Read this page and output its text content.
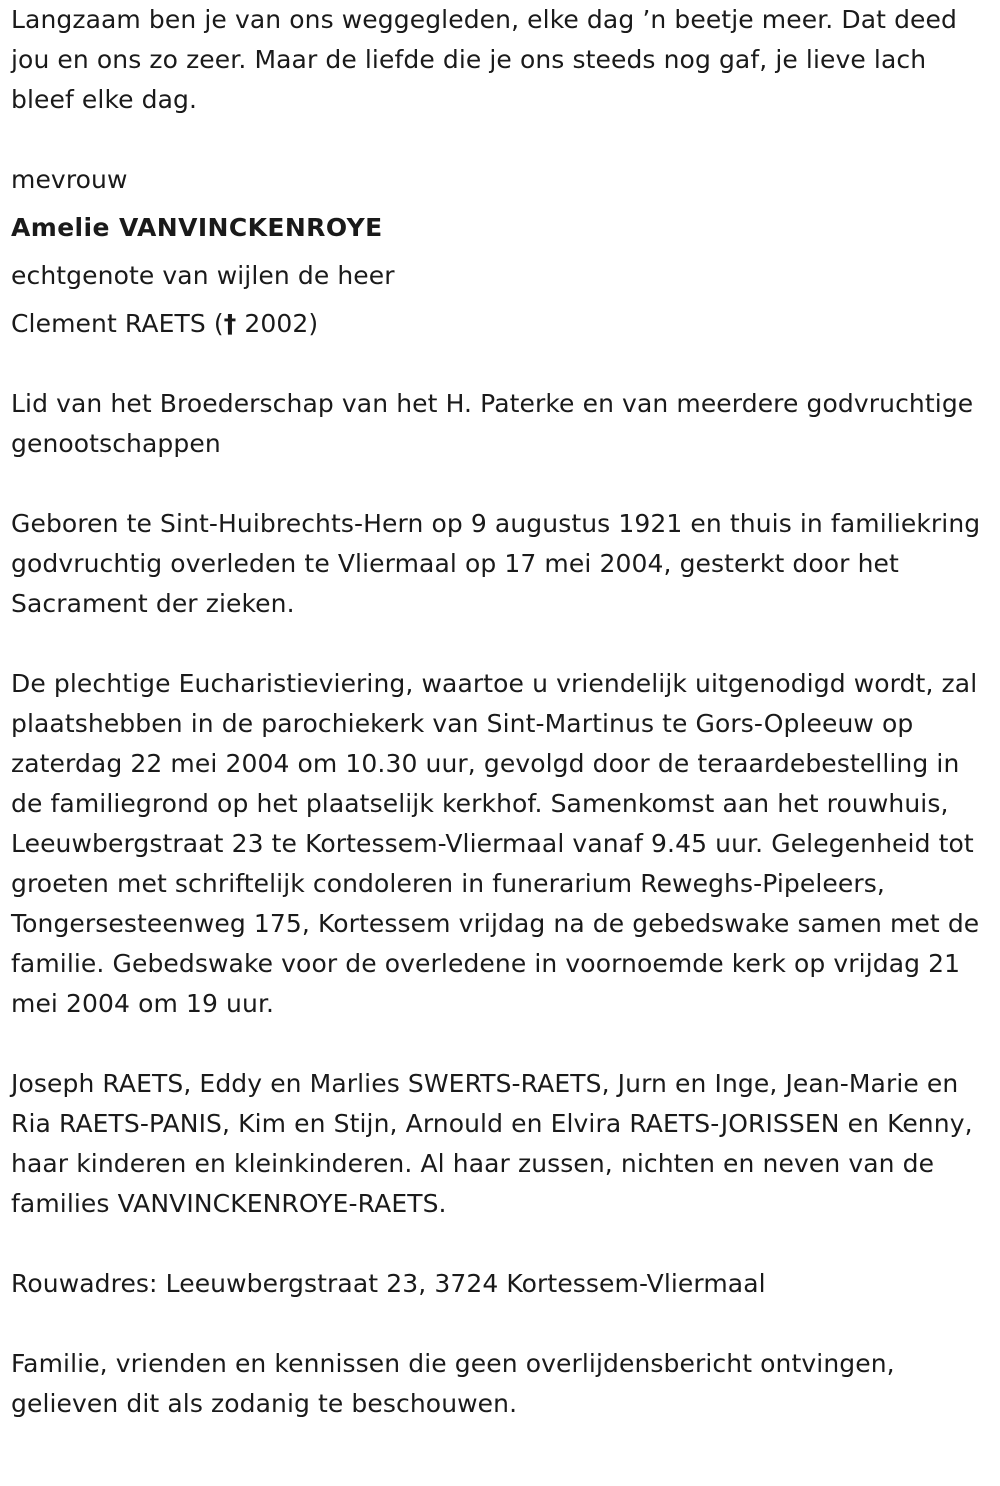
Langzaam ben je van ons weggegleden, elke dag ’n beetje meer. Dat deed jou en ons zo zeer. Maar de liefde die je ons steeds nog gaf, je lieve lach bleef elke dag.

mevrouw

Amelie VANVINCKENROYE

echtgenote van wijlen de heer

Clement RAETS († 2002)

Lid van het Broederschap van het H. Paterke en van meerdere godvruchtige genootschappen

Geboren te Sint-Huibrechts-Hern op 9 augustus 1921 en thuis in familiekring godvruchtig overleden te Vliermaal op 17 mei 2004, gesterkt door het Sacrament der zieken.

De plechtige Eucharistieviering, waartoe u vriendelijk uitgenodigd wordt, zal plaatshebben in de parochiekerk van Sint-Martinus te Gors-Opleeuw op zaterdag 22 mei 2004 om 10.30 uur, gevolgd door de teraardebestelling in de familiegrond op het plaatselijk kerkhof. Samenkomst aan het rouwhuis, Leeuwbergstraat 23 te Kortessem-Vliermaal vanaf 9.45 uur. Gelegenheid tot groeten met schriftelijk condoleren in funerarium Reweghs-Pipeleers, Tongersesteenweg 175, Kortessem vrijdag na de gebedswake samen met de familie. Gebedswake voor de overledene in voornoemde kerk op vrijdag 21 mei 2004 om 19 uur.

Joseph RAETS, Eddy en Marlies SWERTS-RAETS, Jurn en Inge, Jean-Marie en Ria RAETS-PANIS, Kim en Stijn, Arnould en Elvira RAETS-JORISSEN en Kenny, haar kinderen en kleinkinderen. Al haar zussen, nichten en neven van de families VANVINCKENROYE-RAETS.

Rouwadres: Leeuwbergstraat 23, 3724 Kortessem-Vliermaal

Familie, vrienden en kennissen die geen overlijdensbericht ontvingen, gelieven dit als zodanig te beschouwen.
